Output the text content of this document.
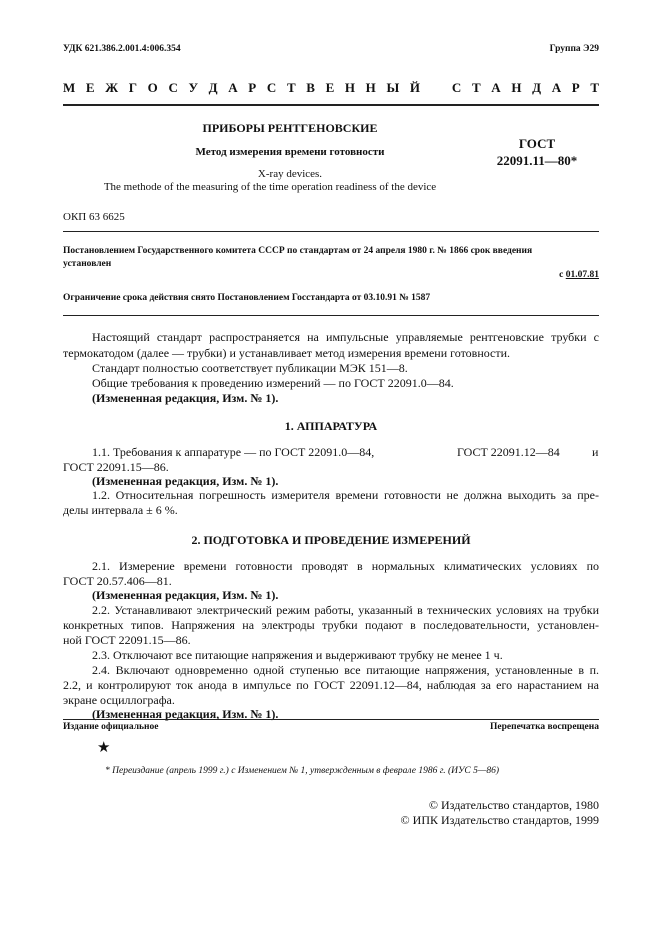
УДК 621.386.2.001.4:006.354	Группа Э29
М Е Ж Г О С У Д А Р С Т В Е Н Н Ы Й   С Т А Н Д А Р Т
ПРИБОРЫ РЕНТГЕНОВСКИЕ
Метод измерения времени готовности
X-ray devices.
The methode of the measuring of the time operation readiness of the device
ГОСТ
22091.11—80*
ОКП 63 6625
Постановлением Государственного комитета СССР по стандартам от 24 апреля 1980 г. № 1866 срок введения
установлен
с 01.07.81
Ограничение срока действия снято Постановлением Госстандарта от 03.10.91 № 1587
Настоящий стандарт распространяется на импульсные управляемые рентгеновские трубки с
термокатодом (далее — трубки) и устанавливает метод измерения времени готовности.
Стандарт полностью соответствует публикации МЭК 151—8.
Общие требования к проведению измерений — по ГОСТ 22091.0—84.
(Измененная редакция, Изм. № 1).
1. АППАРАТУРА
1.1. Требования к аппаратуре — по ГОСТ 22091.0—84,	ГОСТ 22091.12—84	и
ГОСТ 22091.15—86.
(Измененная редакция, Изм. № 1).
1.2. Относительная погрешность измерителя времени готовности не должна выходить за пре-
делы интервала ± 6 %.
2. ПОДГОТОВКА И ПРОВЕДЕНИЕ ИЗМЕРЕНИЙ
2.1. Измерение времени готовности проводят в нормальных климатических условиях по
ГОСТ 20.57.406—81.
(Измененная редакция, Изм. № 1).
2.2. Устанавливают электрический режим работы, указанный в технических условиях на трубки
конкретных типов. Напряжения на электроды трубки подают в последовательности, установлен-
ной ГОСТ 22091.15—86.
2.3. Отключают все питающие напряжения и выдерживают трубку не менее 1 ч.
2.4. Включают одновременно одной ступенью все питающие напряжения, установленные в п.
2.2, и контролируют ток анода в импульсе по ГОСТ 22091.12—84, наблюдая за его нарастанием на
экране осциллографа.
(Измененная редакция, Изм. № 1).
Издание официальное	Перепечатка воспрещена
★
* Переиздание (апрель 1999 г.) с Изменением № 1, утвержденным в феврале 1986 г. (ИУС 5—86)
© Издательство стандартов, 1980
© ИПК Издательство стандартов, 1999
